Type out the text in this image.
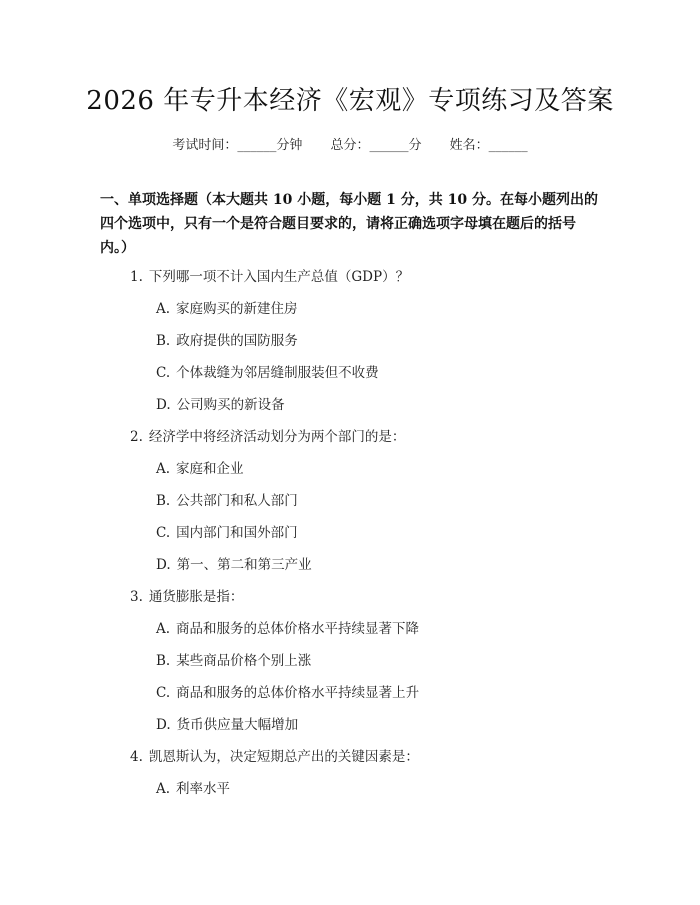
2026 年专升本经济《宏观》专项练习及答案
考试时间：______分钟 总分：______分 姓名：______
一、单项选择题（本大题共 10 小题，每小题 1 分，共 10 分。在每小题列出的四个选项中，只有一个是符合题目要求的，请将正确选项字母填在题后的括号内。）
1. 下列哪一项不计入国内生产总值（GDP）？
A. 家庭购买的新建住房
B. 政府提供的国防服务
C. 个体裁缝为邻居缝制服装但不收费
D. 公司购买的新设备
2. 经济学中将经济活动划分为两个部门的是：
A. 家庭和企业
B. 公共部门和私人部门
C. 国内部门和国外部门
D. 第一、第二和第三产业
3. 通货膨胀是指：
A. 商品和服务的总体价格水平持续显著下降
B. 某些商品价格个别上涨
C. 商品和服务的总体价格水平持续显著上升
D. 货币供应量大幅增加
4. 凯恩斯认为，决定短期总产出的关键因素是：
A. 利率水平
